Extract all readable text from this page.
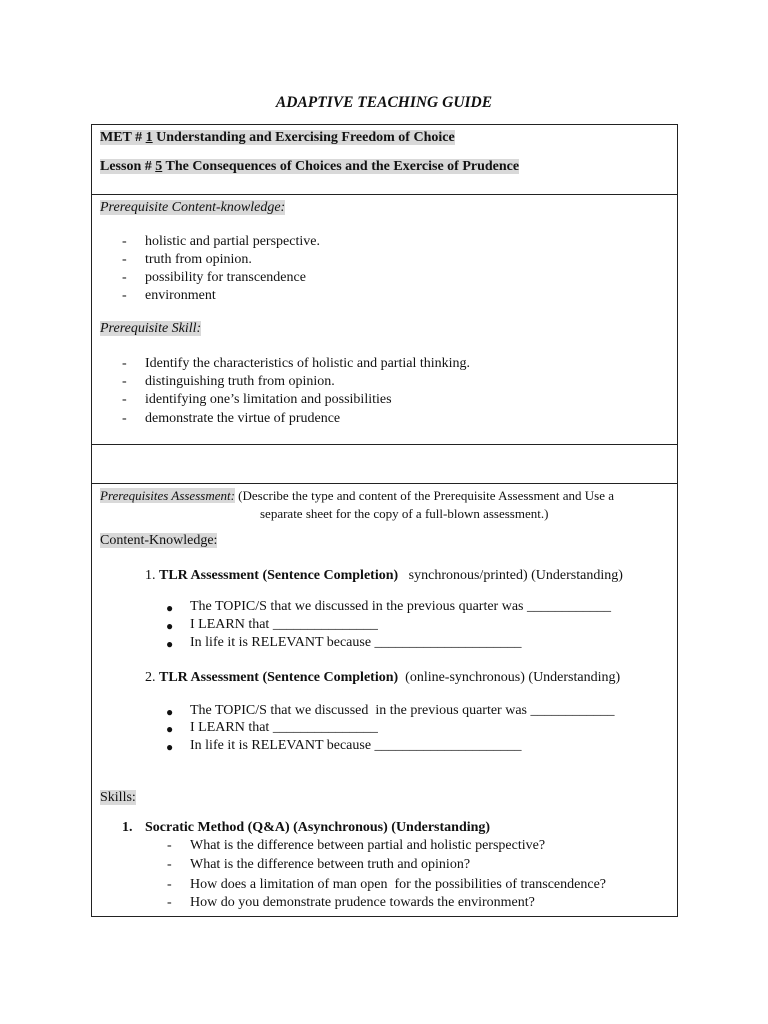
ADAPTIVE TEACHING GUIDE
MET # 1 Understanding and Exercising Freedom of Choice
Lesson # 5 The Consequences of Choices and the Exercise of Prudence
Prerequisite Content-knowledge:
- holistic and partial perspective.
- truth from opinion.
- possibility for transcendence
- environment
Prerequisite Skill:
- Identify the characteristics of holistic and partial thinking.
- distinguishing truth from opinion.
- identifying one’s limitation and possibilities
- demonstrate the virtue of prudence
Prerequisites Assessment: (Describe the type and content of the Prerequisite Assessment and Use a
separate sheet for the copy of a full-blown assessment.)
Content-Knowledge:
1. TLR Assessment (Sentence Completion)   synchronous/printed) (Understanding)
● The TOPIC/S that we discussed in the previous quarter was ____________
● I LEARN that _______________
● In life it is RELEVANT because _____________________
2. TLR Assessment (Sentence Completion)  (online-synchronous) (Understanding)
● The TOPIC/S that we discussed  in the previous quarter was ____________
● I LEARN that _______________
● In life it is RELEVANT because _____________________
Skills:
1. Socratic Method (Q&A) (Asynchronous) (Understanding)
- What is the difference between partial and holistic perspective?
- What is the difference between truth and opinion?
- How does a limitation of man open  for the possibilities of transcendence?
- How do you demonstrate prudence towards the environment?
